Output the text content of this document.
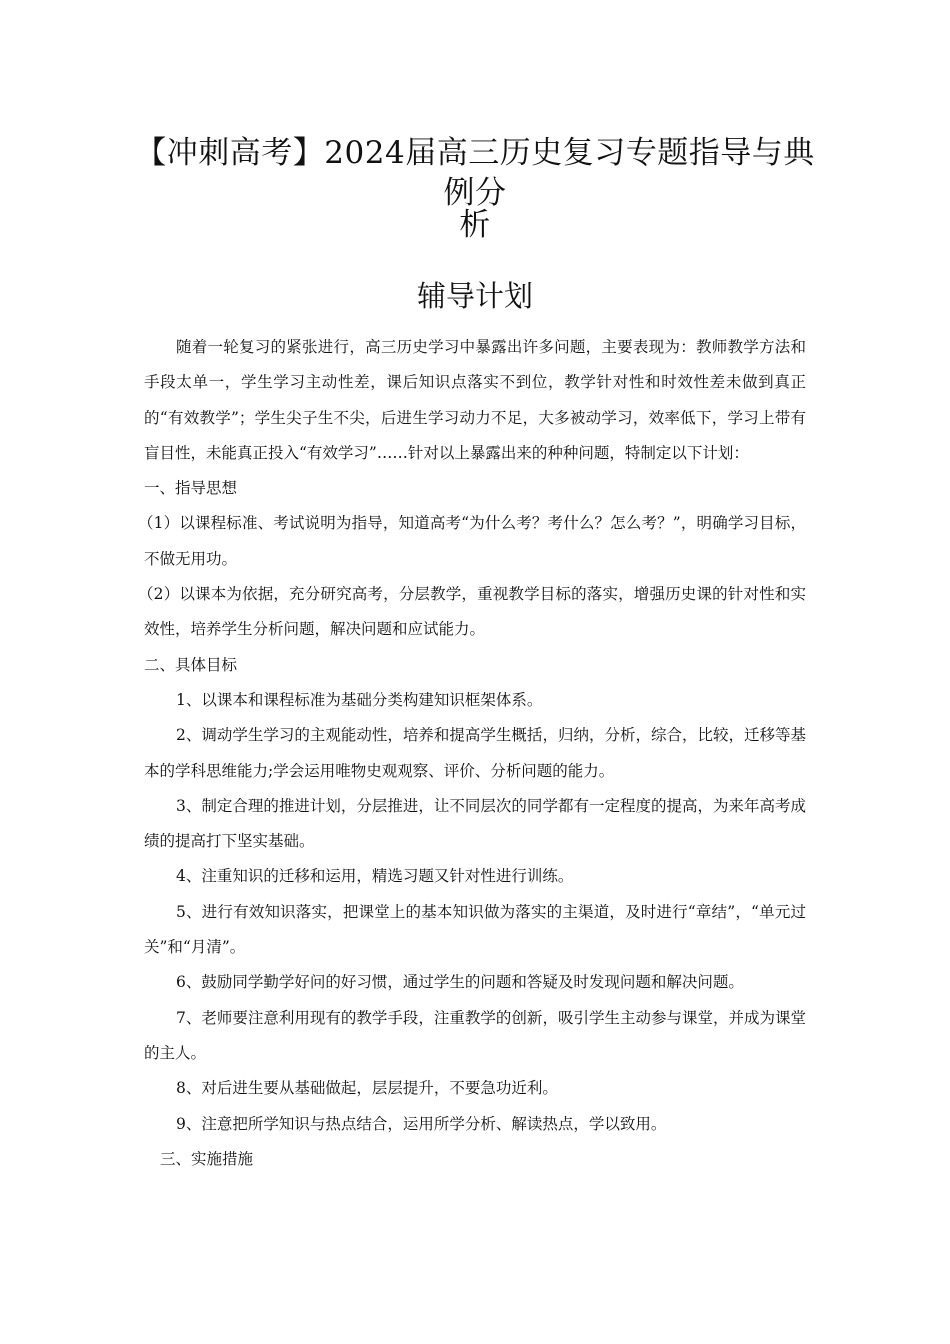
【冲刺高考】2024届高三历史复习专题指导与典例分
析
辅导计划

随着一轮复习的紧张进行，高三历史学习中暴露出许多问题，主要表现为：教师教学方法和手段太单一，学生学习主动性差，课后知识点落实不到位，教学针对性和时效性差未做到真正的“有效教学”；学生尖子生不尖，后进生学习动力不足，大多被动学习，效率低下，学习上带有盲目性，未能真正投入“有效学习”……针对以上暴露出来的种种问题，特制定以下计划：

一、指导思想

（1）以课程标准、考试说明为指导，知道高考“为什么考？考什么？怎么考？”，明确学习目标，不做无用功。

（2）以课本为依据，充分研究高考，分层教学，重视教学目标的落实，增强历史课的针对性和实效性，培养学生分析问题，解决问题和应试能力。

二、具体目标

1、以课本和课程标准为基础分类构建知识框架体系。

2、调动学生学习的主观能动性，培养和提高学生概括，归纳，分析，综合，比较，迁移等基本的学科思维能力;学会运用唯物史观观察、评价、分析问题的能力。

3、制定合理的推进计划，分层推进，让不同层次的同学都有一定程度的提高，为来年高考成绩的提高打下坚实基础。

4、注重知识的迁移和运用，精选习题又针对性进行训练。

5、进行有效知识落实，把课堂上的基本知识做为落实的主渠道，及时进行“章结”，“单元过关”和“月清”。

6、鼓励同学勤学好问的好习惯，通过学生的问题和答疑及时发现问题和解决问题。

7、老师要注意利用现有的教学手段，注重教学的创新，吸引学生主动参与课堂，并成为课堂的主人。

8、对后进生要从基础做起，层层提升，不要急功近利。

9、注意把所学知识与热点结合，运用所学分析、解读热点，学以致用。

三、实施措施
